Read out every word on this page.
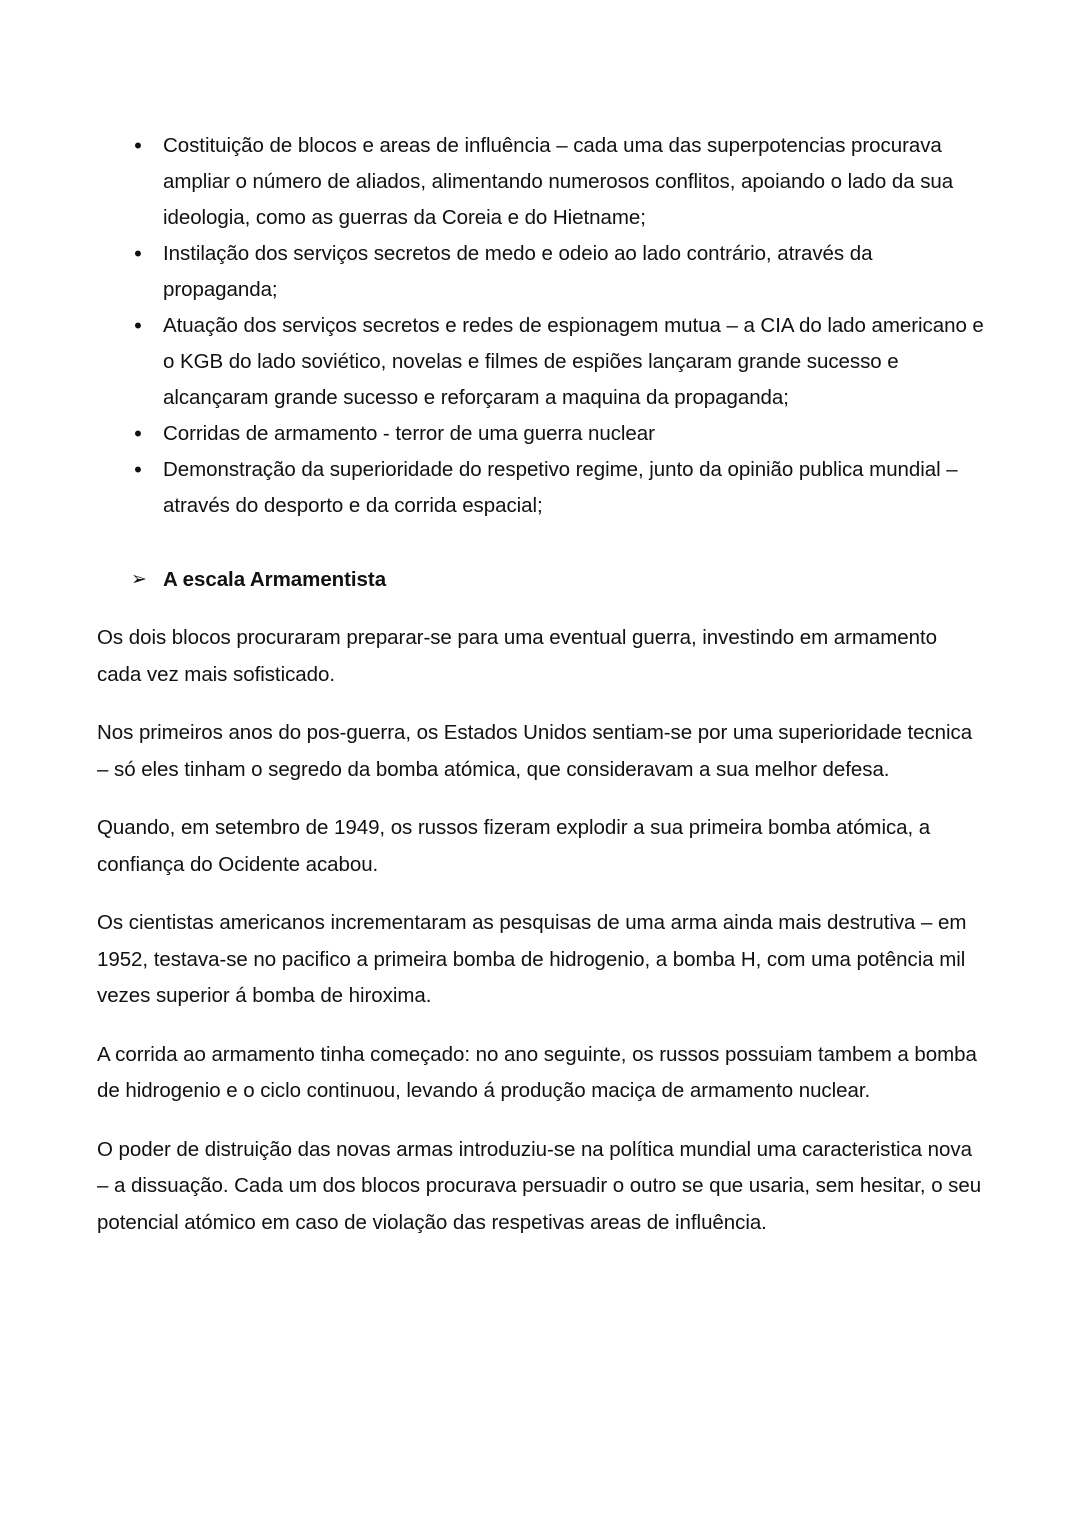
• Costituição de blocos e areas de influência – cada uma das superpotencias procurava ampliar o número de aliados, alimentando numerosos conflitos, apoiando o lado da sua ideologia, como as guerras da Coreia e do Hietname;
• Instilação dos serviços secretos de medo e odeio ao lado contrário, através da propaganda;
• Atuação dos serviços secretos e redes de espionagem mutua – a CIA do lado americano e o KGB do lado soviético, novelas e filmes de espiões lançaram grande sucesso e alcançaram grande sucesso e reforçaram a maquina da propaganda;
• Corridas de armamento - terror de uma guerra nuclear
• Demonstração da superioridade do respetivo regime, junto da opinião publica mundial – através do desporto e da corrida espacial;
➢ A escala Armamentista

Os dois blocos procuraram preparar-se para uma eventual guerra, investindo em armamento cada vez mais sofisticado.

Nos primeiros anos do pos-guerra, os Estados Unidos sentiam-se por uma superioridade tecnica – só eles tinham o segredo da bomba atómica, que consideravam a sua melhor defesa.

Quando, em setembro de 1949, os russos fizeram explodir a sua primeira bomba atómica, a confiança do Ocidente acabou.

Os cientistas americanos incrementaram as pesquisas de uma arma ainda mais destrutiva – em 1952, testava-se no pacifico a primeira bomba de hidrogenio, a bomba H, com uma potência mil vezes superior á bomba de hiroxima.

A corrida ao armamento tinha começado: no ano seguinte, os russos possuiam tambem a bomba de hidrogenio e o ciclo continuou, levando á produção maciça de armamento nuclear.

O poder de distruição das novas armas introduziu-se na política mundial uma caracteristica nova – a dissuação. Cada um dos blocos procurava persuadir o outro se que usaria, sem hesitar, o seu potencial atómico em caso de violação das respetivas areas de influência.
